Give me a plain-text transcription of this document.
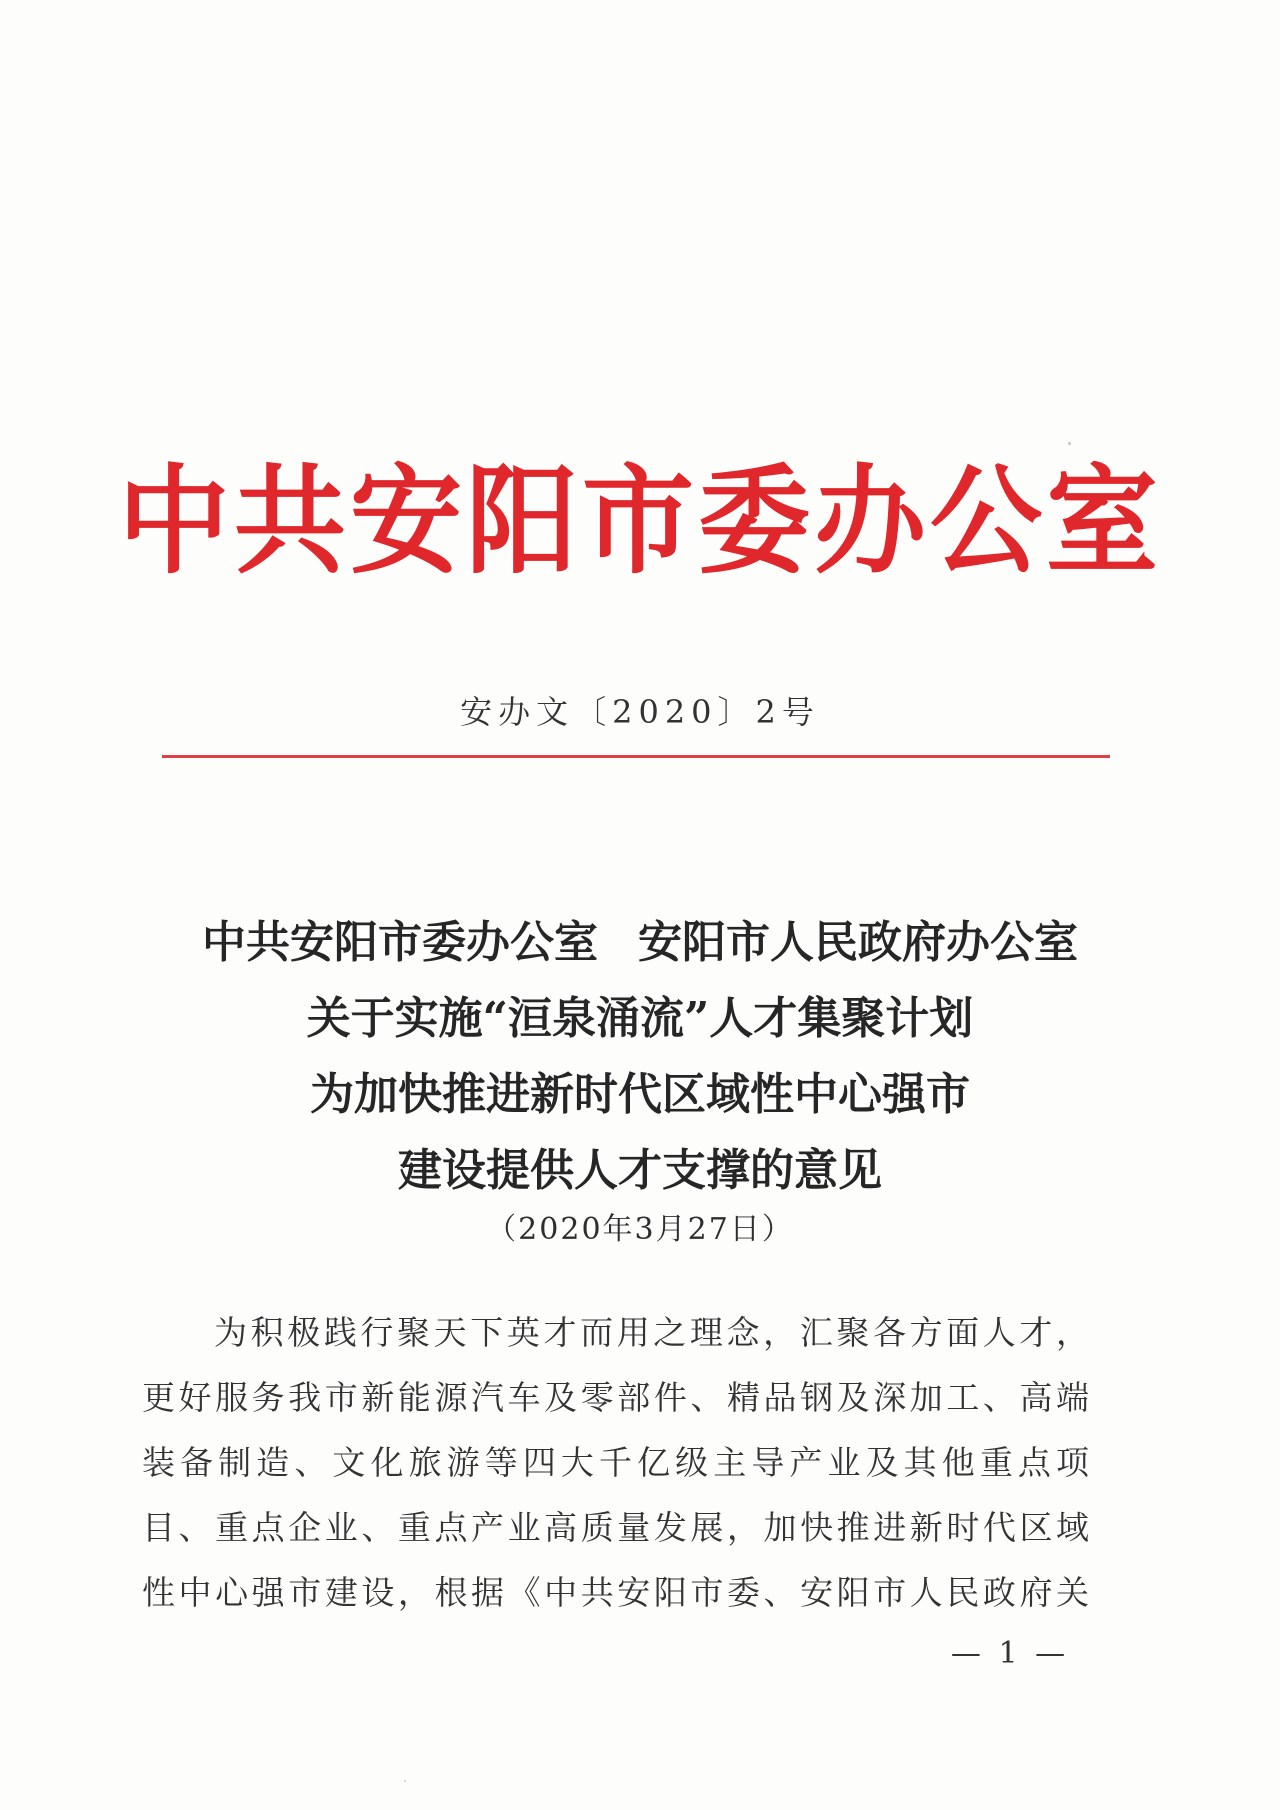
中共安阳市委办公室
安办文〔2020〕2号
中共安阳市委办公室 安阳市人民政府办公室
关于实施“洹泉涌流”人才集聚计划
为加快推进新时代区域性中心强市
建设提供人才支撑的意见
（2020年3月27日）
为积极践行聚天下英才而用之理念，汇聚各方面人才，
更好服务我市新能源汽车及零部件、精品钢及深加工、高端
装备制造、文化旅游等四大千亿级主导产业及其他重点项
目、重点企业、重点产业高质量发展，加快推进新时代区域
性中心强市建设，根据《中共安阳市委、安阳市人民政府关
— 1 —
